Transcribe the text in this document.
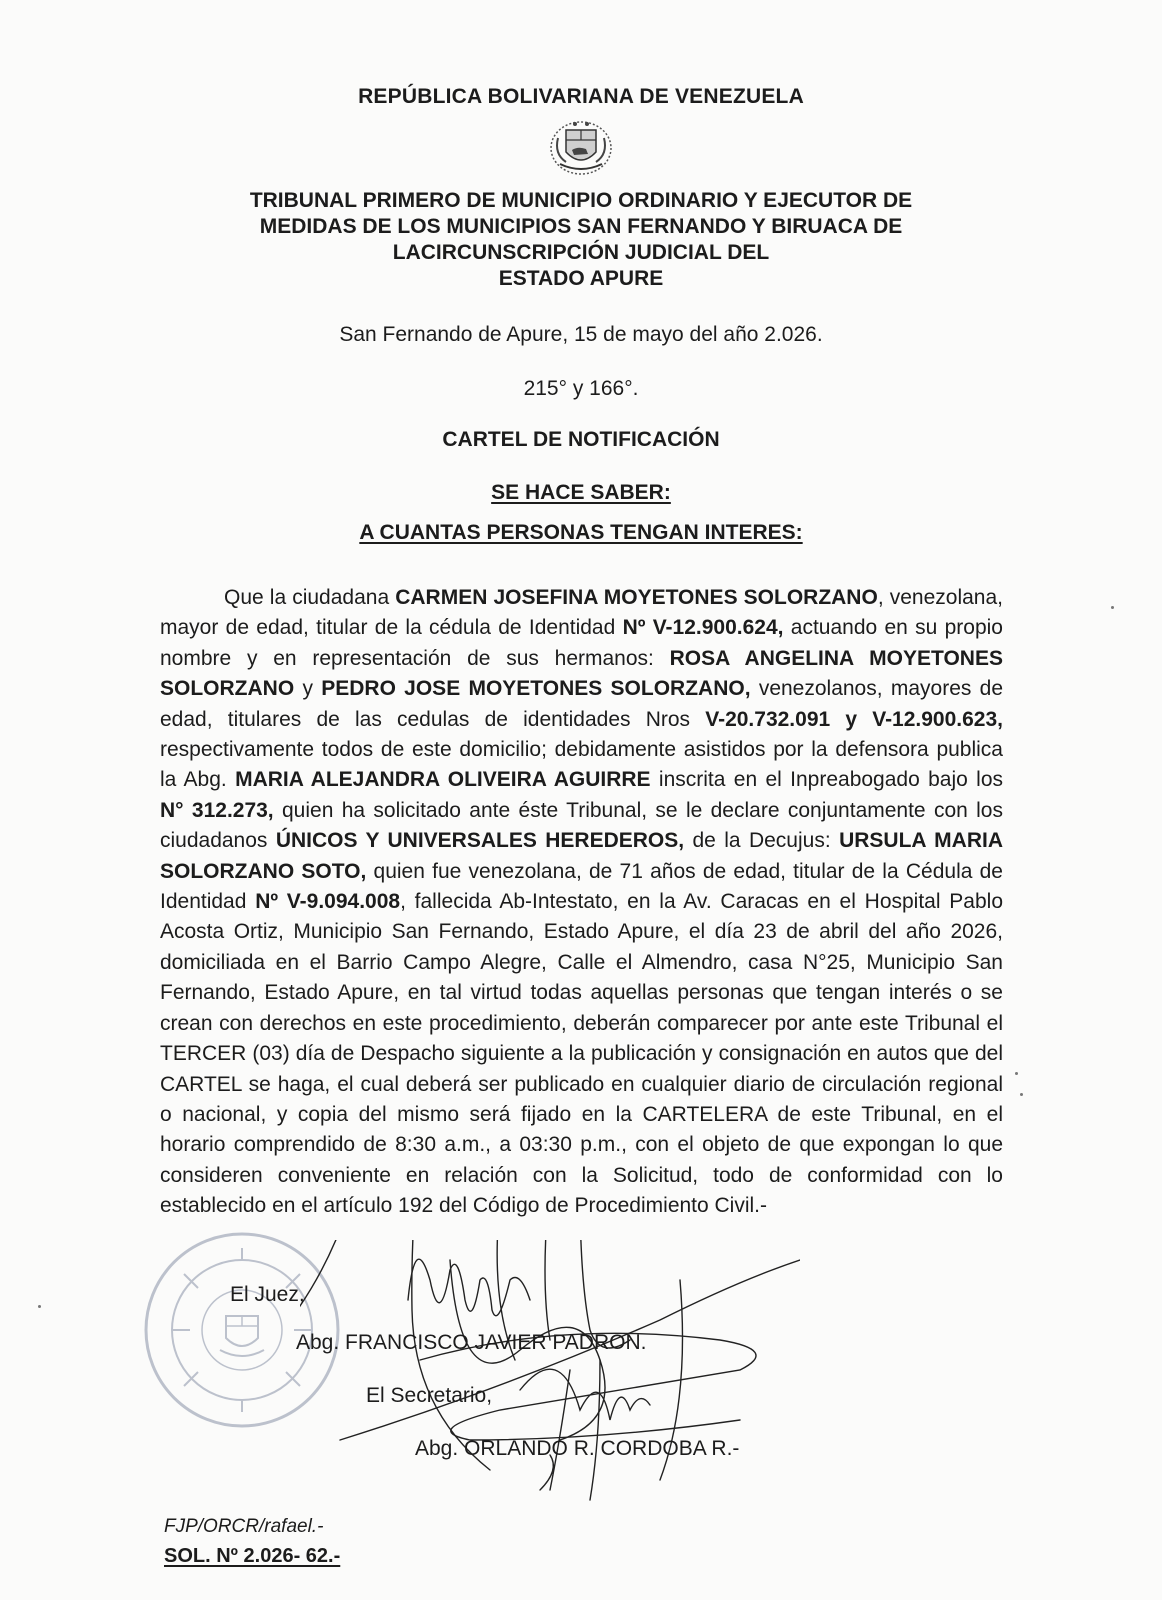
REPÚBLICA BOLIVARIANA DE VENEZUELA
TRIBUNAL PRIMERO DE MUNICIPIO ORDINARIO Y EJECUTOR DE
MEDIDAS DE LOS MUNICIPIOS SAN FERNANDO Y BIRUACA DE
LACIRCUNSCRIPCIÓN JUDICIAL DEL
ESTADO APURE
San Fernando de Apure, 15 de mayo del año 2.026.
215° y 166°.
CARTEL DE NOTIFICACIÓN
SE HACE SABER:
A CUANTAS PERSONAS TENGAN INTERES:
Que la ciudadana CARMEN JOSEFINA MOYETONES SOLORZANO, venezolana, mayor de edad, titular de la cédula de Identidad Nº V-12.900.624, actuando en su propio nombre y en representación de sus hermanos: ROSA ANGELINA MOYETONES SOLORZANO y PEDRO JOSE MOYETONES SOLORZANO, venezolanos, mayores de edad, titulares de las cedulas de identidades Nros V-20.732.091 y V-12.900.623, respectivamente todos de este domicilio; debidamente asistidos por la defensora publica la Abg. MARIA ALEJANDRA OLIVEIRA AGUIRRE inscrita en el Inpreabogado bajo los N° 312.273, quien ha solicitado ante éste Tribunal, se le declare conjuntamente con los ciudadanos ÚNICOS Y UNIVERSALES HEREDEROS, de la Decujus: URSULA MARIA SOLORZANO SOTO, quien fue venezolana, de 71 años de edad, titular de la Cédula de Identidad Nº V-9.094.008, fallecida Ab-Intestato, en la Av. Caracas en el Hospital Pablo Acosta Ortiz, Municipio San Fernando, Estado Apure, el día 23 de abril del año 2026, domiciliada en el Barrio Campo Alegre, Calle el Almendro, casa N°25, Municipio San Fernando, Estado Apure, en tal virtud todas aquellas personas que tengan interés o se crean con derechos en este procedimiento, deberán comparecer por ante este Tribunal el TERCER (03) día de Despacho siguiente a la publicación y consignación en autos que del CARTEL se haga, el cual deberá ser publicado en cualquier diario de circulación regional o nacional, y copia del mismo será fijado en la CARTELERA de este Tribunal, en el horario comprendido de 8:30 a.m., a 03:30 p.m., con el objeto de que expongan lo que consideren conveniente en relación con la Solicitud, todo de conformidad con lo establecido en el artículo 192 del Código de Procedimiento Civil.-
El Juez,
Abg. FRANCISCO JAVIER PADRON.
El Secretario,
Abg. ORLANDO R. CORDOBA R.-
FJP/ORCR/rafael.-
SOL. Nº 2.026- 62.-
